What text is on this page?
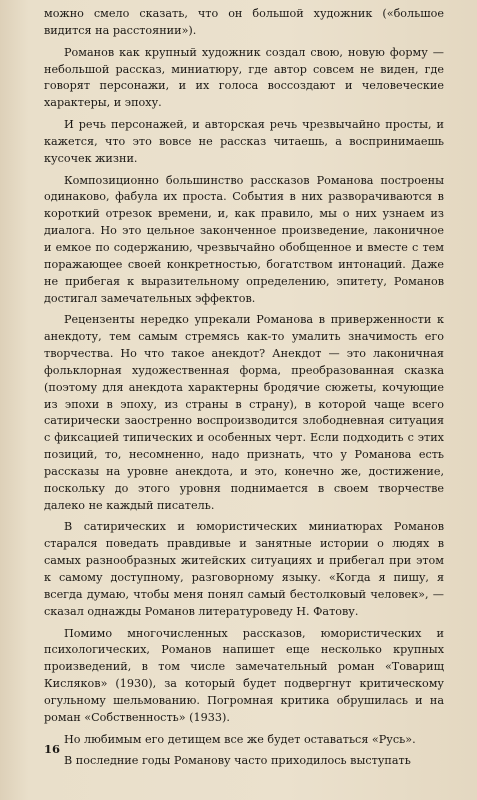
можно смело сказать, что он большой художник («большое видится на расстоянии»).

Романов как крупный художник создал свою, новую форму — небольшой рассказ, миниатюру, где автор совсем не виден, где говорят персонажи, и их голоса воссоздают и человеческие характеры, и эпоху.

И речь персонажей, и авторская речь чрезвычайно просты, и кажется, что это вовсе не рассказ читаешь, а воспринимаешь кусочек жизни.

Композиционно большинство рассказов Романова построены одинаково, фабула их проста. События в них разворачиваются в короткий отрезок времени, и, как правило, мы о них узнаем из диалога. Но это цельное законченное произведение, лаконичное и емкое по содержанию, чрезвычайно обобщенное и вместе с тем поражающее своей конкретностью, богатством интонаций. Даже не прибегая к выразительному определению, эпитету, Романов достигал замечательных эффектов.

Рецензенты нередко упрекали Романова в приверженности к анекдоту, тем самым стремясь как-то умалить значимость его творчества. Но что такое анекдот? Анекдот — это лаконичная фольклорная художественная форма, преобразованная сказка (поэтому для анекдота характерны бродячие сюжеты, кочующие из эпохи в эпоху, из страны в страну), в которой чаще всего сатирически заостренно воспроизводится злободневная ситуация с фиксацией типических и особенных черт. Если подходить с этих позиций, то, несомненно, надо признать, что у Романова есть рассказы на уровне анекдота, и это, конечно же, достижение, поскольку до этого уровня поднимается в своем творчестве далеко не каждый писатель.

В сатирических и юмористических миниатюрах Романов старался поведать правдивые и занятные истории о людях в самых разнообразных житейских ситуациях и прибегал при этом к самому доступному, разговорному языку. «Когда я пишу, я всегда думаю, чтобы меня понял самый бестолковый человек», — сказал однажды Романов литературоведу Н. Фатову.

Помимо многочисленных рассказов, юмористических и психологических, Романов напишет еще несколько крупных произведений, в том числе замечательный роман «Товарищ Кисляков» (1930), за который будет подвергнут критическому огульному шельмованию. Погромная критика обрушилась и на роман «Собственность» (1933).

Но любимым его детищем все же будет оставаться «Русь».

В последние годы Романову часто приходилось выступать

16
